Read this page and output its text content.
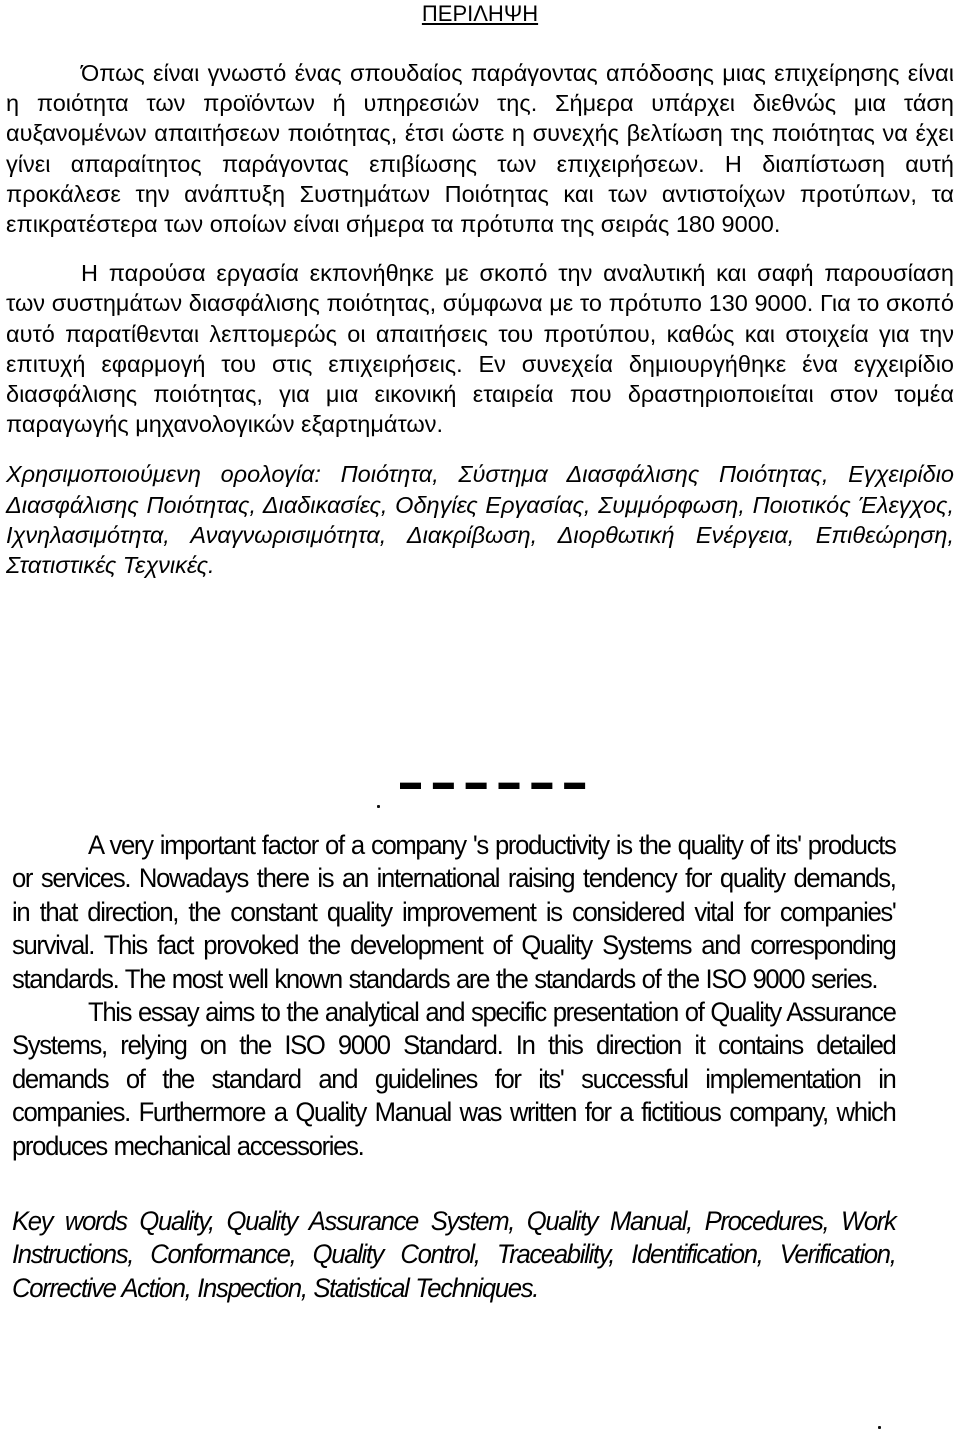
ΠΕΡΙΛΗΨΗ

Όπως είναι γνωστό ένας σπουδαίος παράγοντας απόδοσης μιας επιχείρησης είναι η ποιότητα των προϊόντων ή υπηρεσιών της. Σήμερα υπάρχει διεθνώς μια τάση αυξανομένων απαιτήσεων ποιότητας, έτσι ώστε η συνεχής βελτίωση της ποιότητας να έχει γίνει απαραίτητος παράγοντας επιβίωσης των επιχειρήσεων. Η διαπίστωση αυτή προκάλεσε την ανάπτυξη Συστημάτων Ποιότητας και των αντιστοίχων προτύπων, τα επικρατέστερα των οποίων είναι σήμερα τα πρότυπα της σειράς 180 9000.

Η παρούσα εργασία εκπονήθηκε με σκοπό την αναλυτική και σαφή παρουσίαση των συστημάτων διασφάλισης ποιότητας, σύμφωνα με το πρότυπο 130 9000. Για το σκοπό αυτό παρατίθενται λεπτομερώς οι απαιτήσεις του προτύπου, καθώς και στοιχεία για την επιτυχή εφαρμογή του στις επιχειρήσεις. Εν συνεχεία δημιουργήθηκε ένα εγχειρίδιο διασφάλισης ποιότητας, για μια εικονική εταιρεία που δραστηριοποιείται στον τομέα παραγωγής μηχανολογικών εξαρτημάτων.

Χρησιμοποιούμενη ορολογία: Ποιότητα, Σύστημα Διασφάλισης Ποιότητας, Εγχειρίδιο Διασφάλισης Ποιότητας, Διαδικασίες, Οδηγίες Εργασίας, Συμμόρφωση, Ποιοτικός Έλεγχος, Ιχνηλασιμότητα, Αναγνωρισιμότητα, Διακρίβωση, Διορθωτική Ενέργεια, Επιθεώρηση, Στατιστικές Τεχνικές.

▬ ▬ ▬ ▬ ▬ ▬

A very important factor of a company 's productivity is the quality of its' products or services. Nowadays there is an international raising tendency for quality demands, in that direction, the constant quality improvement is considered vital for companies' survival. This fact provoked the development of Quality Systems and corresponding standards. The most well known standards are the standards of the ISO 9000 series.

This essay aims to the analytical and specific presentation of Quality Assurance Systems, relying on the ISO 9000 Standard. In this direction it contains detailed demands of the standard and guidelines for its' successful implementation in companies. Furthermore a Quality Manual was written for a fictitious company, which produces mechanical accessories.

Key words Quality, Quality Assurance System, Quality Manual, Procedures, Work Instructions, Conformance, Quality Control, Traceability, Identification, Verification, Corrective Action, Inspection, Statistical Techniques.
